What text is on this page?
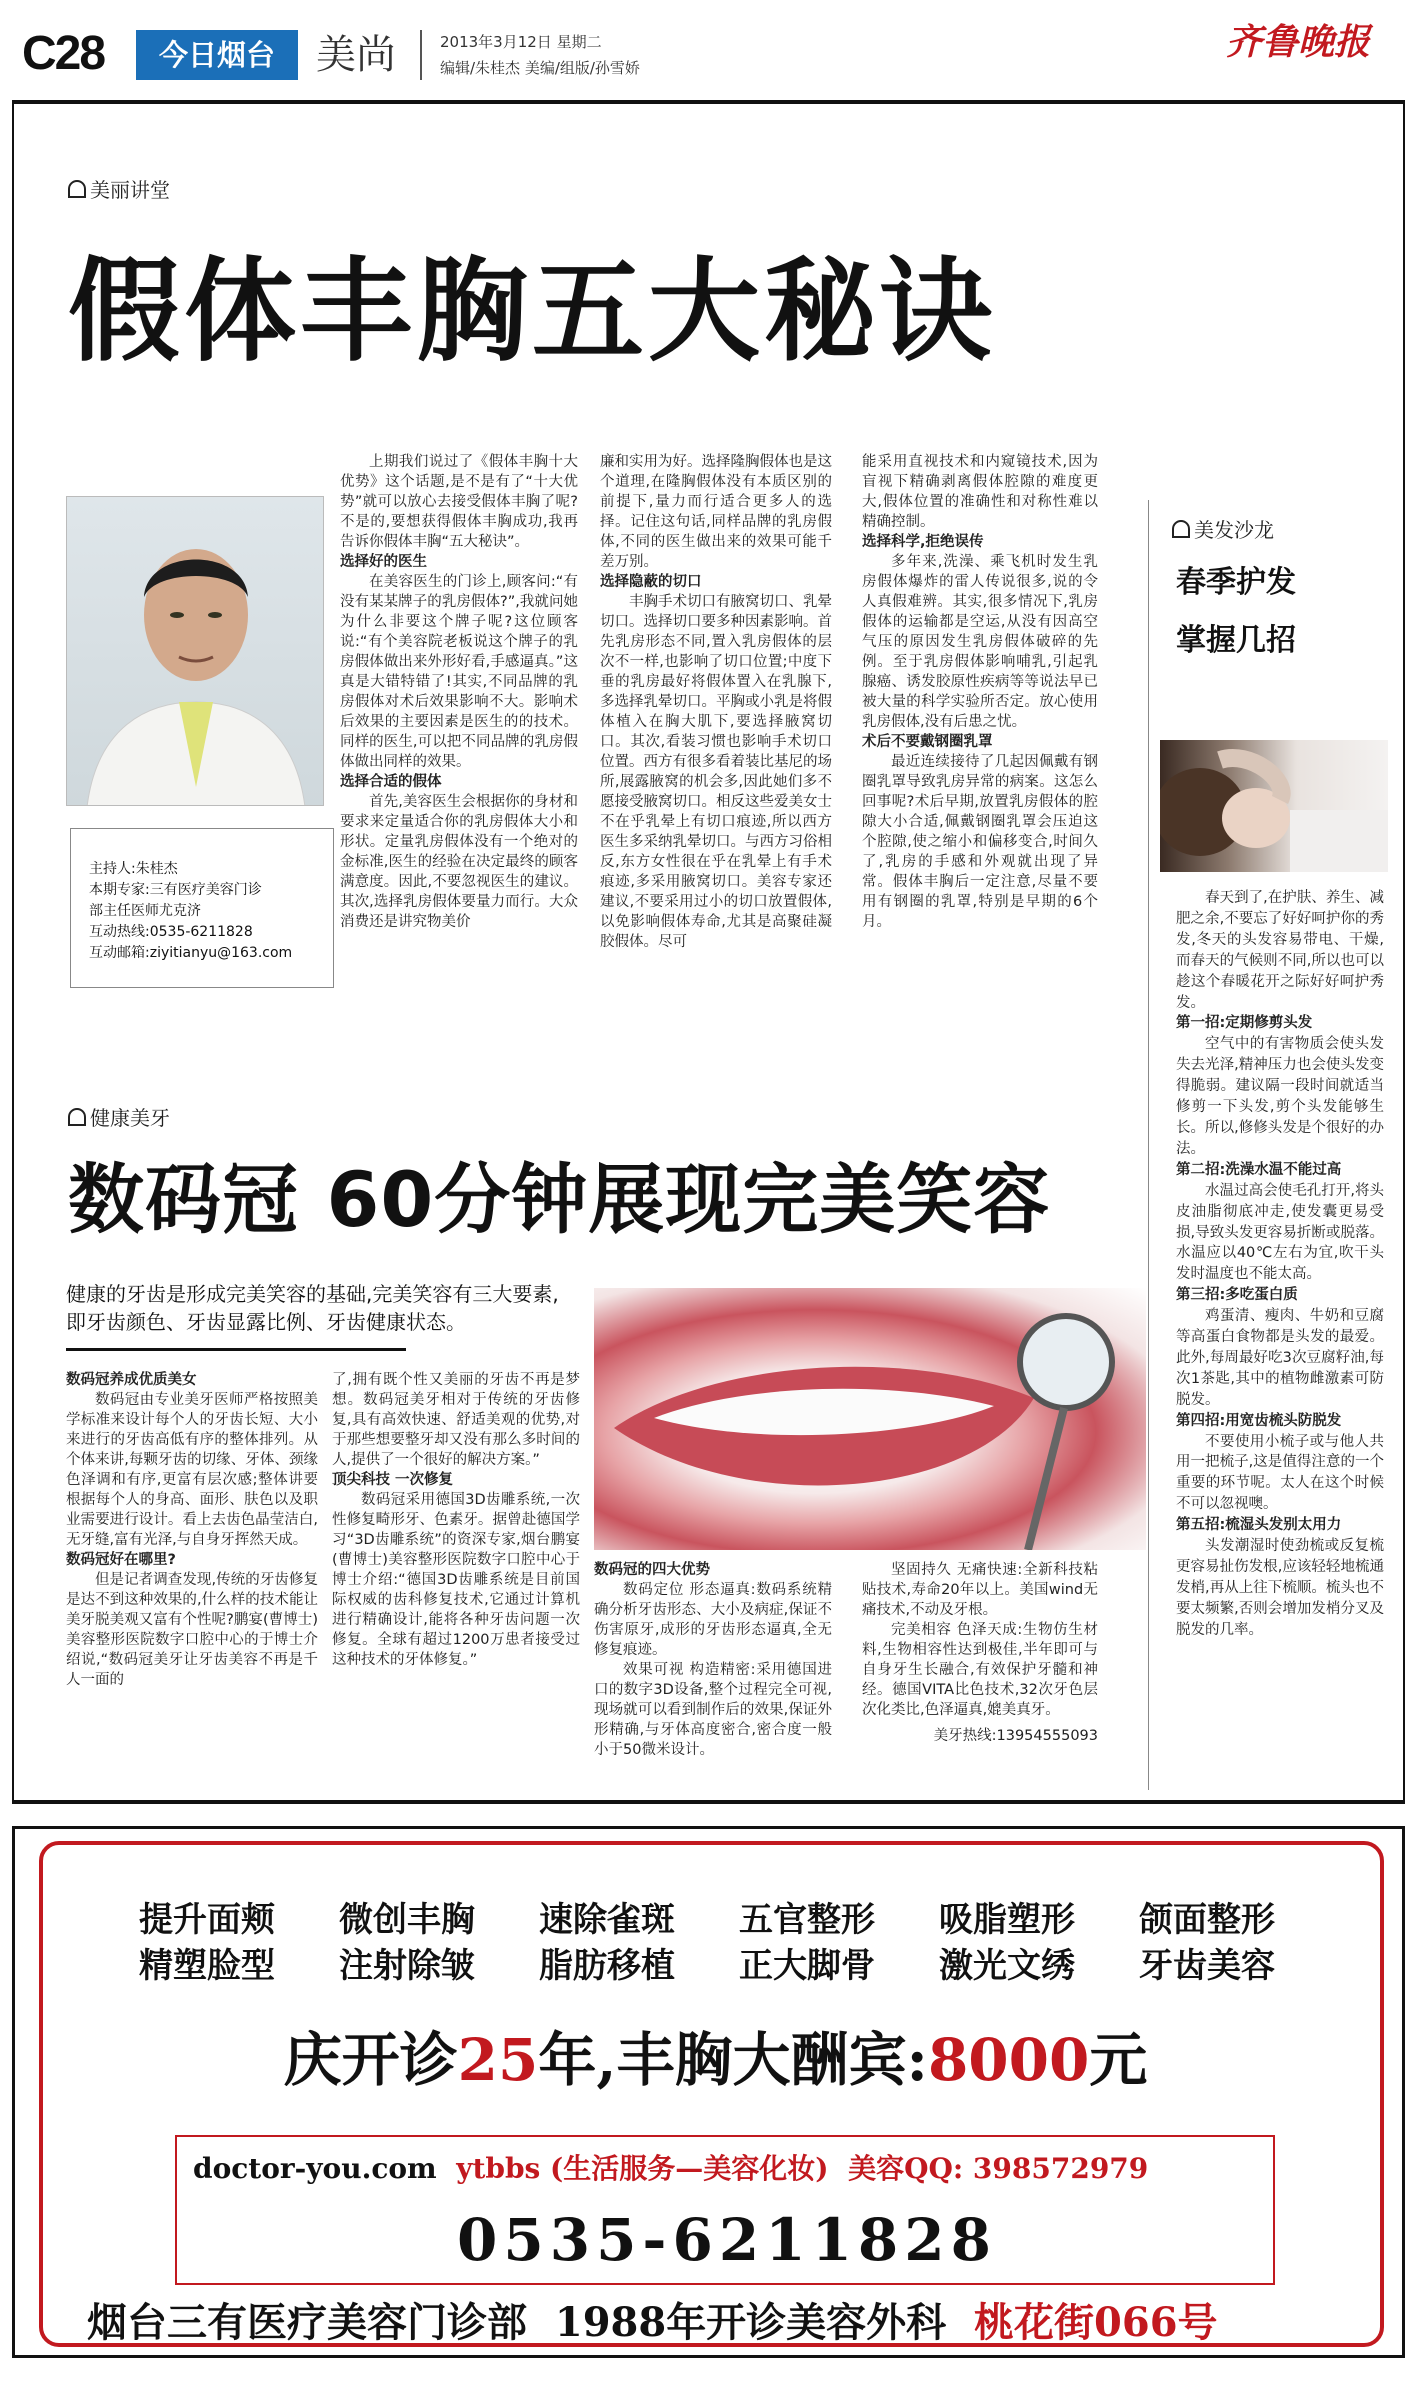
C28	今日烟台	美尚	2013年3月12日 星期二
编辑/朱桂杰 美编/组版/孙雪娇
齐鲁晚报
美丽讲堂
假体丰胸五大秘诀
主持人:朱桂杰
本期专家:三有医疗美容门诊
部主任医师尤克济
互动热线:0535-6211828
互动邮箱:ziyitianyu@163.com

上期我们说过了《假体丰胸十大优势》这个话题,是不是有了“十大优势”就可以放心去接受假体丰胸了呢?不是的,要想获得假体丰胸成功,我再告诉你假体丰胸“五大秘诀”。

选择好的医生

在美容医生的门诊上,顾客问:“有没有某某牌子的乳房假体?”,我就问她为什么非要这个牌子呢?这位顾客说:“有个美容院老板说这个牌子的乳房假体做出来外形好看,手感逼真。”这真是大错特错了!其实,不同品牌的乳房假体对术后效果影响不大。影响术后效果的主要因素是医生的的技术。同样的医生,可以把不同品牌的乳房假体做出同样的效果。

选择合适的假体

首先,美容医生会根据你的身材和要求来定量适合你的乳房假体大小和形状。定量乳房假体没有一个绝对的金标准,医生的经验在决定最终的顾客满意度。因此,不要忽视医生的建议。其次,选择乳房假体要量力而行。大众消费还是讲究物美价

廉和实用为好。选择隆胸假体也是这个道理,在隆胸假体没有本质区别的前提下,量力而行适合更多人的选择。记住这句话,同样品牌的乳房假体,不同的医生做出来的效果可能千差万别。

选择隐蔽的切口

丰胸手术切口有腋窝切口、乳晕切口。选择切口要多种因素影响。首先乳房形态不同,置入乳房假体的层次不一样,也影响了切口位置;中度下垂的乳房最好将假体置入在乳腺下,多选择乳晕切口。平胸或小乳是将假体植入在胸大肌下,要选择腋窝切口。其次,看装习惯也影响手术切口位置。西方有很多看着装比基尼的场所,展露腋窝的机会多,因此她们多不愿接受腋窝切口。相反这些爱美女士不在乎乳晕上有切口痕迹,所以西方医生多采纳乳晕切口。与西方习俗相反,东方女性很在乎在乳晕上有手术痕迹,多采用腋窝切口。美容专家还建议,不要采用过小的切口放置假体,以免影响假体寿命,尤其是高聚硅凝胶假体。尽可

能采用直视技术和内窥镜技术,因为盲视下精确剥离假体腔隙的难度更大,假体位置的准确性和对称性难以精确控制。

选择科学,拒绝误传

多年来,洗澡、乘飞机时发生乳房假体爆炸的雷人传说很多,说的令人真假难辨。其实,很多情况下,乳房假体的运输都是空运,从没有因高空气压的原因发生乳房假体破碎的先例。至于乳房假体影响哺乳,引起乳腺癌、诱发胶原性疾病等等说法早已被大量的科学实验所否定。放心使用乳房假体,没有后患之忧。

术后不要戴钢圈乳罩

最近连续接待了几起因佩戴有钢圈乳罩导致乳房异常的病案。这怎么回事呢?术后早期,放置乳房假体的腔隙大小合适,佩戴钢圈乳罩会压迫这个腔隙,使之缩小和偏移变合,时间久了,乳房的手感和外观就出现了异常。假体丰胸后一定注意,尽量不要用有钢圈的乳罩,特别是早期的6个月。

美发沙龙
春季护发
掌握几招

春天到了,在护肤、养生、减肥之余,不要忘了好好呵护你的秀发,冬天的头发容易带电、干燥,而春天的气候则不同,所以也可以趁这个春暖花开之际好好呵护秀发。

第一招:定期修剪头发

空气中的有害物质会使头发失去光泽,精神压力也会使头发变得脆弱。建议隔一段时间就适当修剪一下头发,剪个头发能够生长。所以,修修头发是个很好的办法。

第二招:洗澡水温不能过高

水温过高会使毛孔打开,将头皮油脂彻底冲走,使发囊更易受损,导致头发更容易折断或脱落。水温应以40℃左右为宜,吹干头发时温度也不能太高。

第三招:多吃蛋白质

鸡蛋清、瘦肉、牛奶和豆腐等高蛋白食物都是头发的最爱。此外,每周最好吃3次豆腐籽油,每次1茶匙,其中的植物雌激素可防脱发。

第四招:用宽齿梳头防脱发

不要使用小梳子或与他人共用一把梳子,这是值得注意的一个重要的环节呢。太人在这个时候不可以忽视噢。

第五招:梳湿头发别太用力

头发潮湿时使劲梳或反复梳更容易扯伤发根,应该轻轻地梳通发梢,再从上往下梳顺。梳头也不要太频繁,否则会增加发梢分叉及脱发的几率。

健康美牙
数码冠 60分钟展现完美笑容
健康的牙齿是形成完美笑容的基础,完美笑容有三大要素,即牙齿颜色、牙齿显露比例、牙齿健康状态。
数码冠养成优质美女

数码冠由专业美牙医师严格按照美学标准来设计每个人的牙齿长短、大小来进行的牙齿高低有序的整体排列。从个体来讲,每颗牙齿的切缘、牙体、颈缘色泽调和有序,更富有层次感;整体讲要根据每个人的身高、面形、肤色以及职业需要进行设计。看上去齿色晶莹洁白,无牙缝,富有光泽,与自身牙挥然天成。

数码冠好在哪里?

但是记者调查发现,传统的牙齿修复是达不到这种效果的,什么样的技术能让美牙脱美观又富有个性呢?鹏宴(曹博士)美容整形医院数字口腔中心的于博士介绍说,“数码冠美牙让牙齿美容不再是千人一面的

了,拥有既个性又美丽的牙齿不再是梦想。数码冠美牙相对于传统的牙齿修复,具有高效快速、舒适美观的优势,对于那些想要整牙却又没有那么多时间的人,提供了一个很好的解决方案。”

顶尖科技 一次修复

数码冠采用德国3D齿雕系统,一次性修复畸形牙、色素牙。据曾赴德国学习“3D齿雕系统”的资深专家,烟台鹏宴(曹博士)美容整形医院数字口腔中心于博士介绍:“德国3D齿雕系统是目前国际权威的齿科修复技术,它通过计算机进行精确设计,能将各种牙齿问题一次修复。全球有超过1200万患者接受过这种技术的牙体修复。”

数码冠的四大优势

数码定位 形态逼真:数码系统精确分析牙齿形态、大小及病症,保证不伤害原牙,成形的牙齿形态逼真,全无修复痕迹。

效果可视 构造精密:采用德国进口的数字3D设备,整个过程完全可视,现场就可以看到制作后的效果,保证外形精确,与牙体高度密合,密合度一般小于50微米设计。

坚固持久 无痛快速:全新科技粘贴技术,寿命20年以上。美国wind无痛技术,不动及牙根。

完美相容 色泽天成:生物仿生材料,生物相容性达到极佳,半年即可与自身牙生长融合,有效保护牙髓和神经。德国VITA比色技术,32次牙色层次化类比,色泽逼真,媲美真牙。

美牙热线:13954555093

提升面颊 微创丰胸 速除雀斑 五官整形 吸脂塑形 颌面整形
精塑脸型 注射除皱 脂肪移植 正大脚骨 激光文绣 牙齿美容
庆开诊25年,丰胸大酬宾:8000元
doctor-you.com ytbbs (生活服务—美容化妆) 美容QQ: 398572979
0535-6211828
烟台三有医疗美容门诊部 1988年开诊美容外科 桃花街066号
